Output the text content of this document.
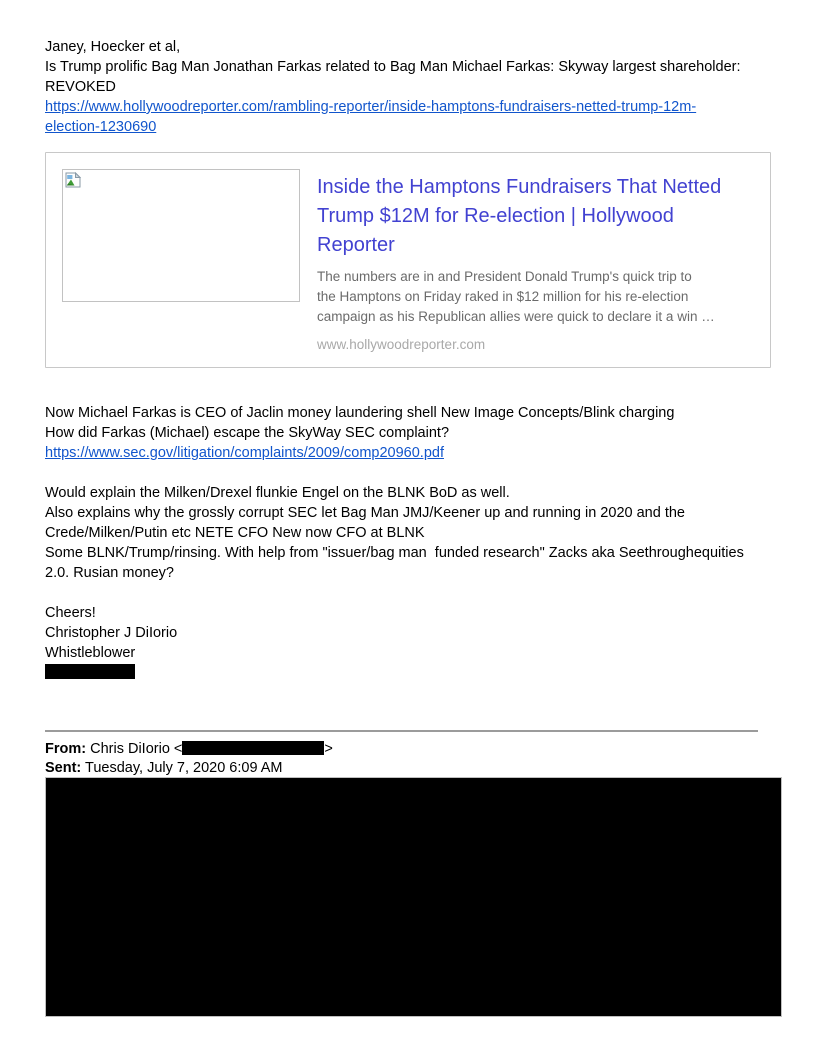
Janey, Hoecker et al,
Is Trump prolific Bag Man Jonathan Farkas related to Bag Man Michael Farkas: Skyway largest shareholder:
REVOKED
https://www.hollywoodreporter.com/rambling-reporter/inside-hamptons-fundraisers-netted-trump-12m-
election-1230690
Inside the Hamptons Fundraisers That Netted
Trump $12M for Re-election | Hollywood
Reporter
The numbers are in and President Donald Trump's quick trip to
the Hamptons on Friday raked in $12 million for his re-election
campaign as his Republican allies were quick to declare it a win …
www.hollywoodreporter.com
Now Michael Farkas is CEO of Jaclin money laundering shell New Image Concepts/Blink charging
How did Farkas (Michael) escape the SkyWay SEC complaint?
https://www.sec.gov/litigation/complaints/2009/comp20960.pdf
Would explain the Milken/Drexel flunkie Engel on the BLNK BoD as well.
Also explains why the grossly corrupt SEC let Bag Man JMJ/Keener up and running in 2020 and the
Crede/Milken/Putin etc NETE CFO New now CFO at BLNK
Some BLNK/Trump/rinsing. With help from "issuer/bag man  funded research" Zacks aka Seethroughequities
2.0. Rusian money?
Cheers!
Christopher J DiIorio
Whistleblower
From: Chris DiIorio <	>
Sent: Tuesday, July 7, 2020 6:09 AM
